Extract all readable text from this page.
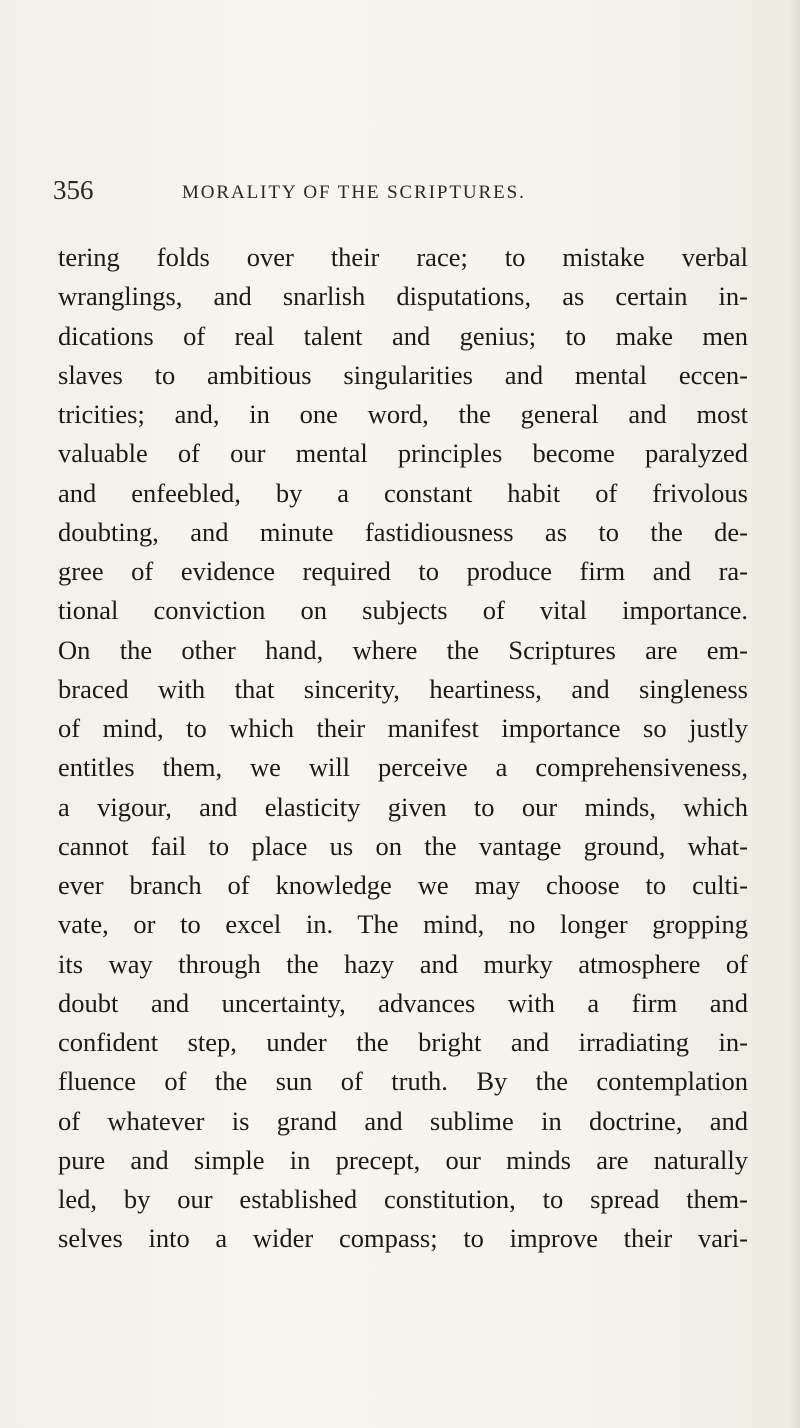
356	MORALITY OF THE SCRIPTURES.
tering folds over their race; to mistake verbal
wranglings, and snarlish disputations, as certain in-
dications of real talent and genius; to make men
slaves to ambitious singularities and mental eccen-
tricities; and, in one word, the general and most
valuable of our mental principles become paralyzed
and enfeebled, by a constant habit of frivolous
doubting, and minute fastidiousness as to the de-
gree of evidence required to produce firm and ra-
tional conviction on subjects of vital importance.
On the other hand, where the Scriptures are em-
braced with that sincerity, heartiness, and singleness
of mind, to which their manifest importance so justly
entitles them, we will perceive a comprehensiveness,
a vigour, and elasticity given to our minds, which
cannot fail to place us on the vantage ground, what-
ever branch of knowledge we may choose to culti-
vate, or to excel in. The mind, no longer gropping
its way through the hazy and murky atmosphere of
doubt and uncertainty, advances with a firm and
confident step, under the bright and irradiating in-
fluence of the sun of truth. By the contemplation
of whatever is grand and sublime in doctrine, and
pure and simple in precept, our minds are naturally
led, by our established constitution, to spread them-
selves into a wider compass; to improve their vari-
